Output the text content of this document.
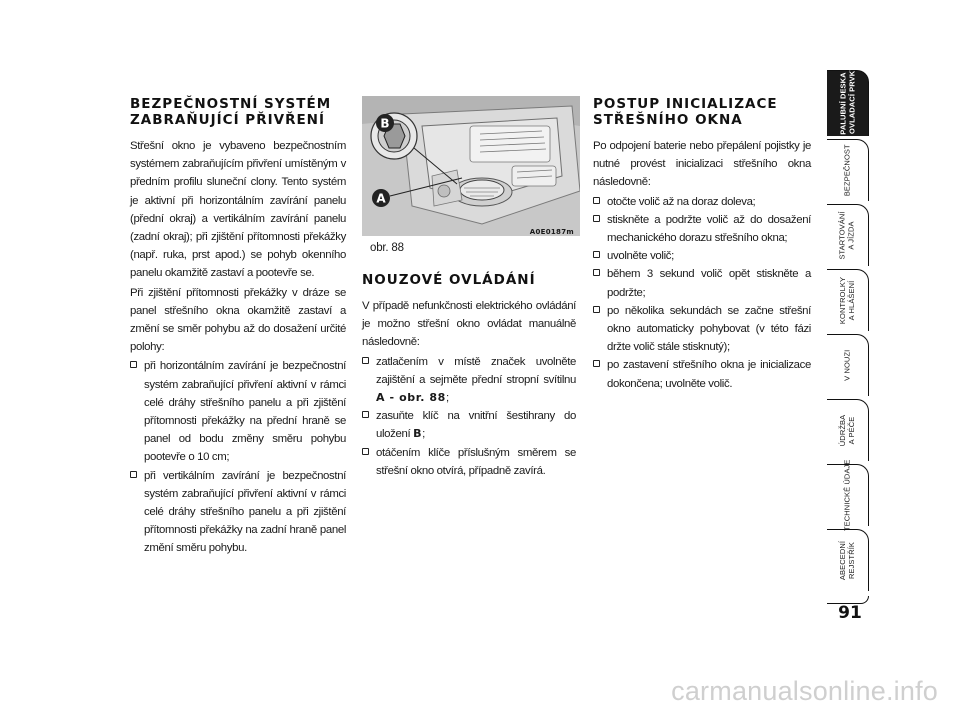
BEZPEČNOSTNÍ SYSTÉM
ZABRAŇUJÍCÍ PŘIVŘENÍ

Střešní okno je vybaveno bezpečnostním systémem zabraňujícím přivření umístěným v předním profilu sluneční clony. Tento systém je aktivní při horizontálním zavírání panelu (přední okraj) a vertikálním zavírání panelu (zadní okraj); při zjištění přítomnosti překážky (např. ruka, prst apod.) se pohyb okenního panelu okamžitě zastaví a pootevře se.

Při zjištění přítomnosti překážky v dráze se panel střešního okna okamžitě zastaví a změní se směr pohybu až do dosažení určité polohy:

při horizontálním zavírání je bezpečnostní systém zabraňující přivření aktivní v rámci celé dráhy střešního panelu a při zjištění přítomnosti překážky na přední hraně se panel od bodu změny směru pohybu pootevře o 10 cm;
při vertikálním zavírání je bezpečnostní systém zabraňující přivření aktivní v rámci celé dráhy střešního panelu a při zjištění přítomnosti překážky na zadní hraně panel změní směru pohybu.
B
A
obr. 88
A0E0187m
NOUZOVÉ OVLÁDÁNÍ

V případě nefunkčnosti elektrického ovládání je možno střešní okno ovládat manuálně následovně:

zatlačením v místě značek uvolněte zajištění a sejměte přední stropní svítilnu A - obr. 88;
zasuňte klíč na vnitřní šestihrany do uložení B;
otáčením klíče příslušným směrem se střešní okno otvírá, případně zavírá.
POSTUP INICIALIZACE
STŘEŠNÍHO OKNA

Po odpojení baterie nebo přepálení pojistky je nutné provést inicializaci střešního okna následovně:

otočte volič až na doraz doleva;
stiskněte a podržte volič až do dosažení mechanického dorazu střešního okna;
uvolněte volič;
během 3 sekund volič opět stiskněte a podržte;
po několika sekundách se začne střešní okno automaticky pohybovat (v této fázi držte volič stále stisknutý);
po zastavení střešního okna je inicializace dokončena; uvolněte volič.
PALUBNÍ DESKA
A OVLADACÍ PRVKY
BEZPEČNOST
STARTOVÁNÍ
A JÍZDA
KONTROLKY
A HLÁŠENÍ
V NOUZI
ÚDRŽBA
A PÉČE
TECHNICKÉ ÚDAJE
ABECEDNÍ
REJSTŘÍK
91
carmanualsonline.info
